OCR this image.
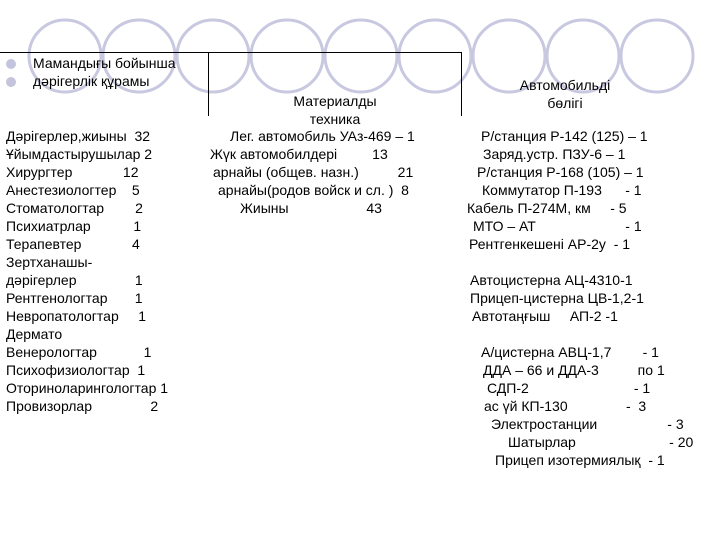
Мамандығы бойынша
дәрігерлік құрамы
Дәрігерлер,жиыны  32
Ұйымдастырушылар 2
Хирургтер             12
Анестезиологтер    5
Стоматологтар        2
Психиатрлар           1
Терапевтер             4
Зертханашы-
дәрігерлер               1
Рентгенологтар       1
Невропатологтар     1
Дермато
Венерологтар            1
Психофизиологтар  1
Оториноларингологтар 1
Провизорлар               2
Материалды
техника
Лег. автомобиль УАз-469 – 1
Жүк автомобилдері         13
арнайы (общев. назн.)          21
арнайы(родов войск и сл. )  8
Жиыны                    43
Автомобильді
бөлігі
Р/станция Р-142 (125) – 1
Заряд.устр. ПЗУ-6 – 1
Р/станция Р-168 (105) – 1
Коммутатор П-193      - 1
Кабель П-274М, км     - 5
МТО – АТ                       - 1
Рентгенкешені АР-2у  - 1
Автоцистерна АЦ-4310-1
Прицеп-цистерна ЦВ-1,2-1
Автотаңғыш     АП-2 -1
А/цистерна АВЦ-1,7        - 1
ДДА – 66 и ДДА-3          по 1
СДП-2                           - 1
ас үй КП-130               -  3
Электростанции                  - 3
Шатырлар                        - 20
Прицеп изотермиялық  - 1
